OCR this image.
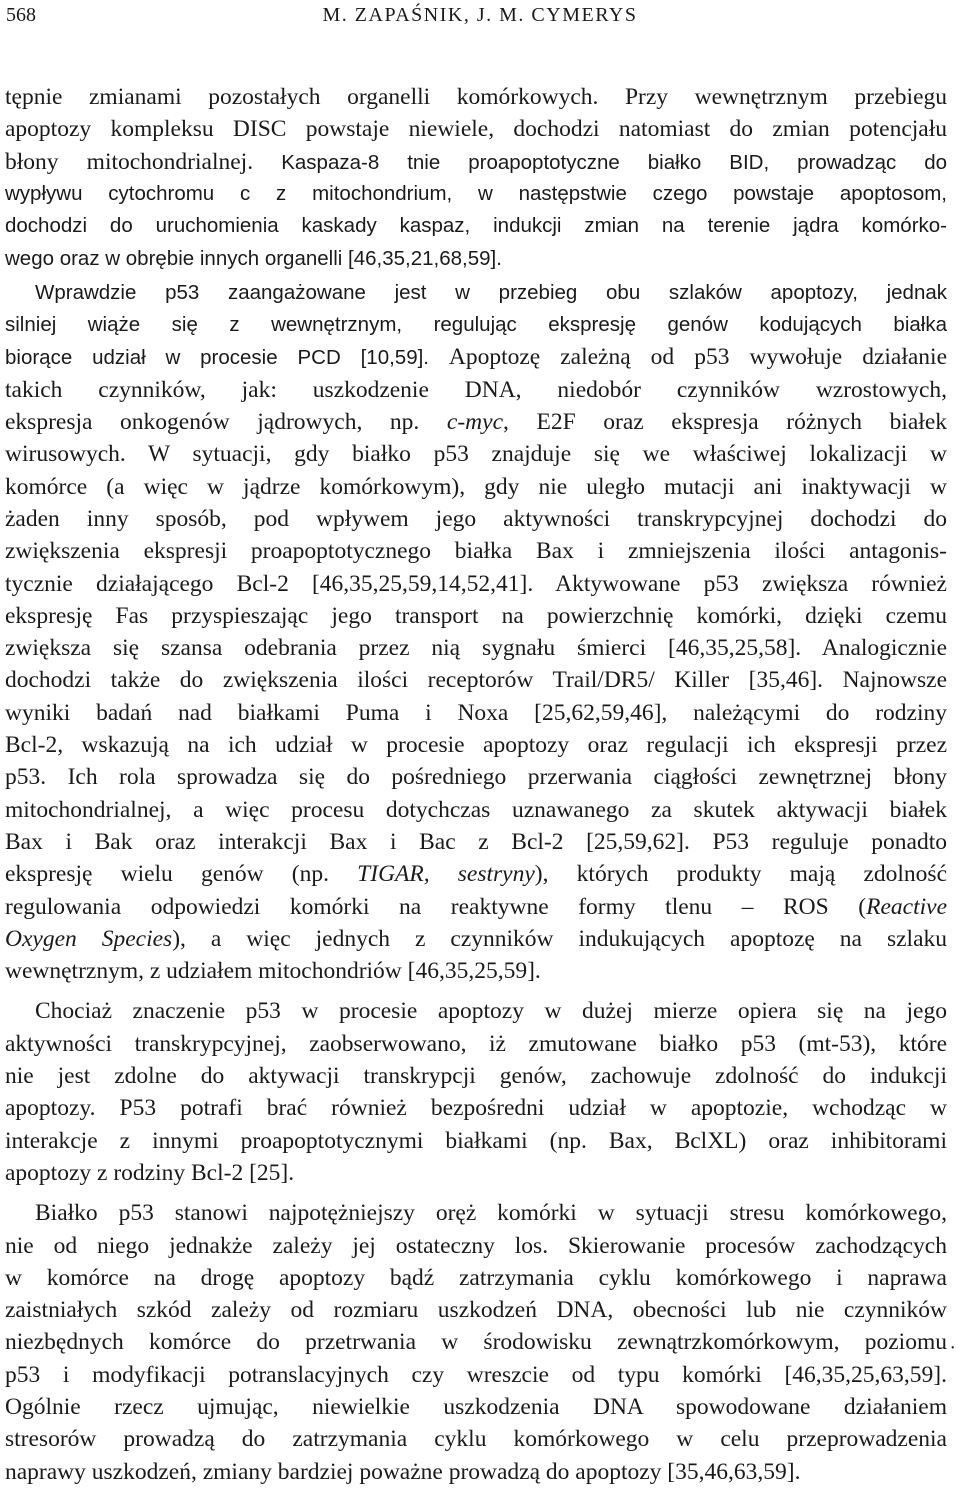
568	M. ZAPAŚNIK, J. M. CYMERYS
tępnie zmianami pozostałych organelli komórkowych. Przy wewnętrznym przebiegu
apoptozy kompleksu DISC powstaje niewiele, dochodzi natomiast do zmian potencjału
błony mitochondrialnej. Kaspaza-8 tnie proapoptotyczne białko BID, prowadząc do
wypływu cytochromu c z mitochondrium, w następstwie czego powstaje apoptosom,
dochodzi do uruchomienia kaskady kaspaz, indukcji zmian na terenie jądra komórko-
wego oraz w obrębie innych organelli [46,35,21,68,59].
Wprawdzie p53 zaangażowane jest w przebieg obu szlaków apoptozy, jednak
silniej wiąże się z wewnętrznym, regulując ekspresję genów kodujących białka
biorące udział w procesie PCD [10,59]. Apoptozę zależną od p53 wywołuje działanie
takich czynników, jak: uszkodzenie DNA, niedobór czynników wzrostowych,
ekspresja onkogenów jądrowych, np. c-myc, E2F oraz ekspresja różnych białek
wirusowych. W sytuacji, gdy białko p53 znajduje się we właściwej lokalizacji w
komórce (a więc w jądrze komórkowym), gdy nie uległo mutacji ani inaktywacji w
żaden inny sposób, pod wpływem jego aktywności transkrypcyjnej dochodzi do
zwiększenia ekspresji proapoptotycznego białka Bax i zmniejszenia ilości antagonis-
tycznie działającego Bcl-2 [46,35,25,59,14,52,41]. Aktywowane p53 zwiększa również
ekspresję Fas przyspieszając jego transport na powierzchnię komórki, dzięki czemu
zwiększa się szansa odebrania przez nią sygnału śmierci [46,35,25,58]. Analogicznie
dochodzi także do zwiększenia ilości receptorów Trail/DR5/ Killer [35,46]. Najnowsze
wyniki badań nad białkami Puma i Noxa [25,62,59,46], należącymi do rodziny
Bcl-2, wskazują na ich udział w procesie apoptozy oraz regulacji ich ekspresji przez
p53. Ich rola sprowadza się do pośredniego przerwania ciągłości zewnętrznej błony
mitochondrialnej, a więc procesu dotychczas uznawanego za skutek aktywacji białek
Bax i Bak oraz interakcji Bax i Bac z Bcl-2 [25,59,62]. P53 reguluje ponadto
ekspresję wielu genów (np. TIGAR, sestryny), których produkty mają zdolność
regulowania odpowiedzi komórki na reaktywne formy tlenu – ROS (Reactive
Oxygen Species), a więc jednych z czynników indukujących apoptozę na szlaku
wewnętrznym, z udziałem mitochondriów [46,35,25,59].
Chociaż znaczenie p53 w procesie apoptozy w dużej mierze opiera się na jego
aktywności transkrypcyjnej, zaobserwowano, iż zmutowane białko p53 (mt-53), które
nie jest zdolne do aktywacji transkrypcji genów, zachowuje zdolność do indukcji
apoptozy. P53 potrafi brać również bezpośredni udział w apoptozie, wchodząc w
interakcje z innymi proapoptotycznymi białkami (np. Bax, BclXL) oraz inhibitorami
apoptozy z rodziny Bcl-2 [25].
Białko p53 stanowi najpotężniejszy oręż komórki w sytuacji stresu komórkowego,
nie od niego jednakże zależy jej ostateczny los. Skierowanie procesów zachodzących
w komórce na drogę apoptozy bądź zatrzymania cyklu komórkowego i naprawa
zaistniałych szkód zależy od rozmiaru uszkodzeń DNA, obecności lub nie czynników
niezbędnych komórce do przetrwania w środowisku zewnątrzkomórkowym, poziomu
p53 i modyfikacji potranslacyjnych czy wreszcie od typu komórki [46,35,25,63,59].
Ogólnie rzecz ujmując, niewielkie uszkodzenia DNA spowodowane działaniem
stresorów prowadzą do zatrzymania cyklu komórkowego w celu przeprowadzenia
naprawy uszkodzeń, zmiany bardziej poważne prowadzą do apoptozy [35,46,63,59].
·
